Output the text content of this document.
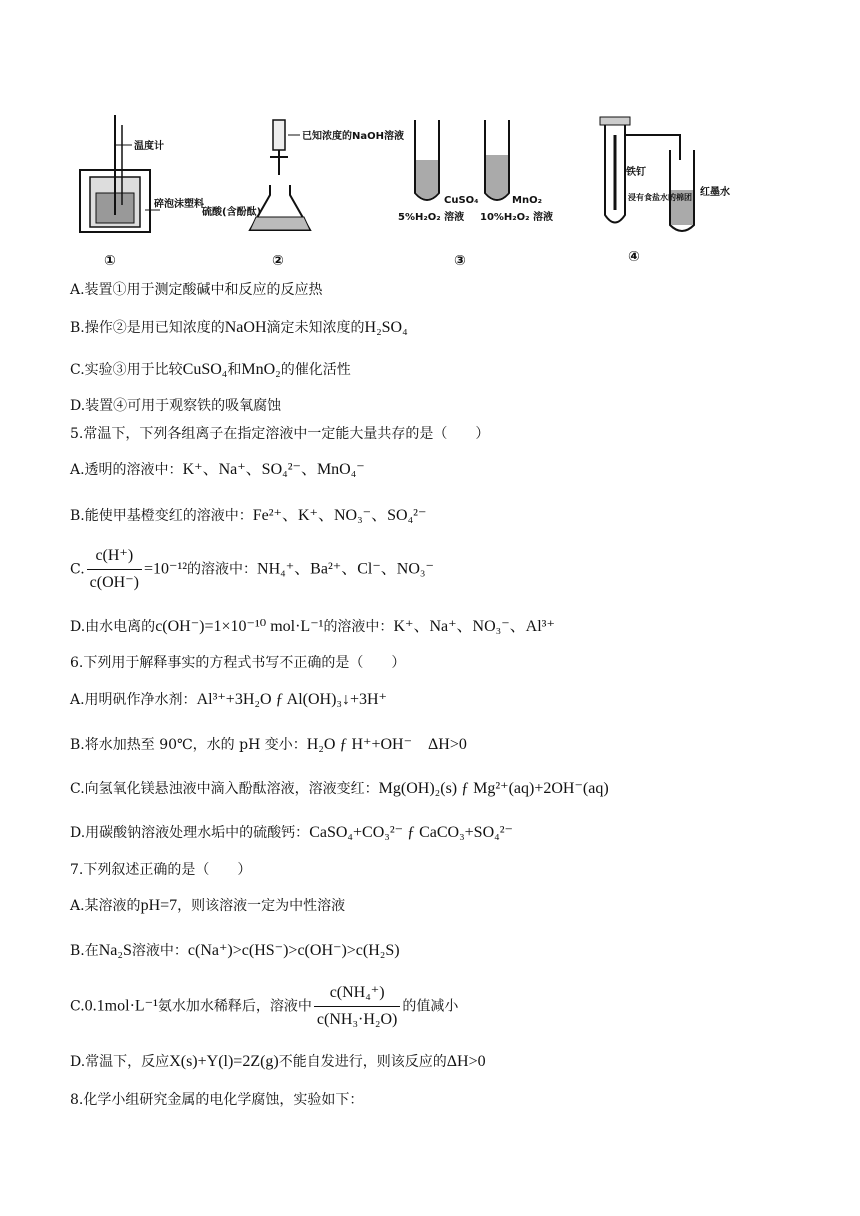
温度计
碎泡沫塑料
①
已知浓度的NaOH溶液
硫酸(含酚酞)
②
CuSO₄	MnO₂
5%H₂O₂ 溶液 10%H₂O₂ 溶液
③
铁钉
浸有食盐水的棉团 红墨水
④
A.装置①用于测定酸碱中和反应的反应热
B.操作②是用已知浓度的NaOH滴定未知浓度的H₂SO₄
C.实验③用于比较CuSO₄和MnO₂的催化活性
D.装置④可用于观察铁的吸氧腐蚀
5.常温下，下列各组离子在指定溶液中一定能大量共存的是（　　）
A.透明的溶液中：K⁺、Na⁺、SO₄²⁻、MnO₄⁻
B.能使甲基橙变红的溶液中：Fe²⁺、K⁺、NO₃⁻、SO₄²⁻
C. $\frac{c(H^+)}{c(OH^-)} =10^{-12}$的溶液中：NH₄⁺、Ba²⁺、Cl⁻、NO₃⁻
D.由水电离的c(OH⁻)=1×10⁻¹⁰ mol·L⁻¹的溶液中：K⁺、Na⁺、NO₃⁻、Al³⁺
6.下列用于解释事实的方程式书写不正确的是（　　）
A.用明矾作净水剂：Al³⁺+3H₂O ƒ Al(OH)₃↓+3H⁺
B.将水加热至 90℃，水的 pH 变小：H₂O ƒ H⁺+OH⁻　ΔH>0
C.向氢氧化镁悬浊液中滴入酚酞溶液，溶液变红：Mg(OH)₂(s) ƒ Mg²⁺(aq)+2OH⁻(aq)
D.用碳酸钠溶液处理水垢中的硫酸钙：CaSO₄+CO₃²⁻ ƒ CaCO₃+SO₄²⁻
7.下列叙述正确的是（　　）
A.某溶液的pH=7，则该溶液一定为中性溶液
B.在Na₂S溶液中：c(Na⁺)>c(HS⁻)>c(OH⁻)>c(H₂S)
C.0.1mol·L⁻¹氨水加水稀释后，溶液中 $\frac{\text{c(NH₄⁺)}}{\text{c(NH₃·H₂O)}}$ 的值减小
D.常温下，反应X(s)+Y(l)=2Z(g)不能自发进行，则该反应的ΔH>0
8.化学小组研究金属的电化学腐蚀，实验如下：
